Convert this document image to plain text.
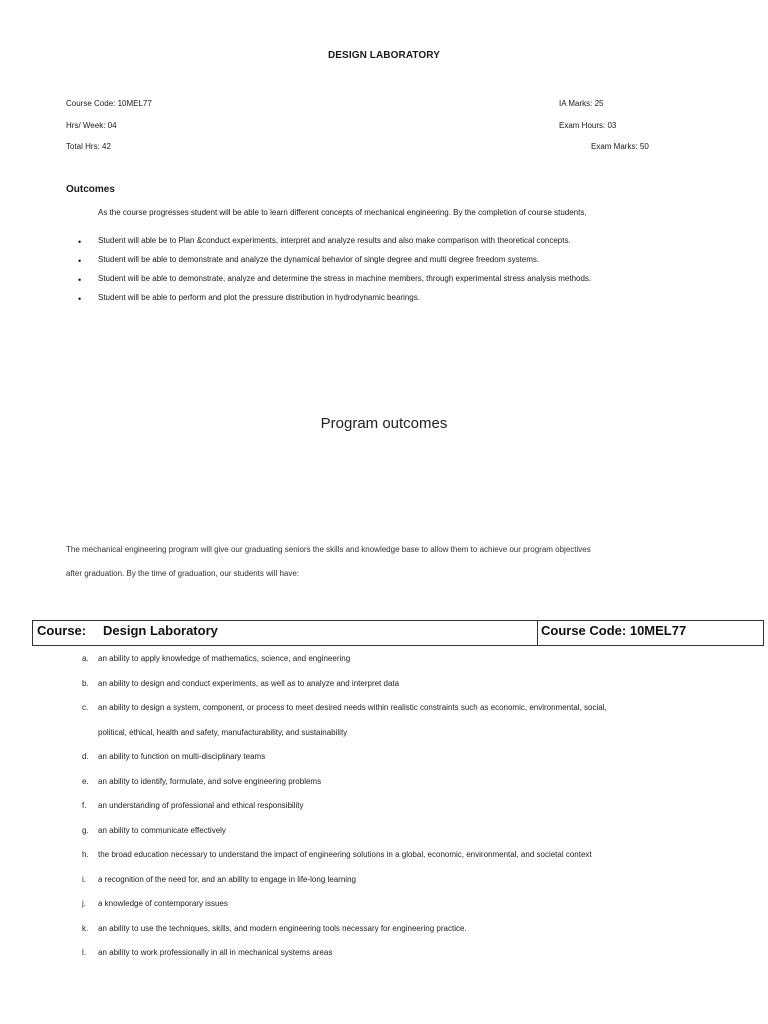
DESIGN LABORATORY
Course Code: 10MEL77	IA Marks: 25
Hrs/ Week: 04	Exam Hours: 03
Total Hrs: 42	Exam Marks: 50
Outcomes
As the course progresses student will be able to learn different concepts of mechanical engineering. By the completion of course students,
• Student will able be to Plan &conduct experiments, interpret and analyze results and also make comparison with theoretical concepts.
• Student will be able to demonstrate and analyze the dynamical behavior of single degree and multi degree freedom systems.
• Student will be able to demonstrate, analyze and determine the stress in machine members, through experimental stress analysis methods.
• Student will be able to perform and plot the pressure distribution in hydrodynamic bearings.
Program outcomes
The mechanical engineering program will give our graduating seniors the skills and knowledge base to allow them to achieve our program objectives
after graduation. By the time of graduation, our students will have:
Course: Design Laboratory	Course Code: 10MEL77
a.	an ability to apply knowledge of mathematics, science, and engineering
b.	an ability to design and conduct experiments, as well as to analyze and interpret data
c.	an ability to design a system, component, or process to meet desired needs within realistic constraints such as economic, environmental, social,
political, ethical, health and safety, manufacturability, and sustainability
d.	an ability to function on multi-disciplinary teams
e.	an ability to identify, formulate, and solve engineering problems
f.	an understanding of professional and ethical responsibility
g.	an ability to communicate effectively
h.	the broad education necessary to understand the impact of engineering solutions in a global, economic, environmental, and societal context
i.	a recognition of the need for, and an ability to engage in life-long learning
j.	a knowledge of contemporary issues
k.	an ability to use the techniques, skills, and modern engineering tools necessary for engineering practice.
l.	an ability to work professionally in all in mechanical systems areas
